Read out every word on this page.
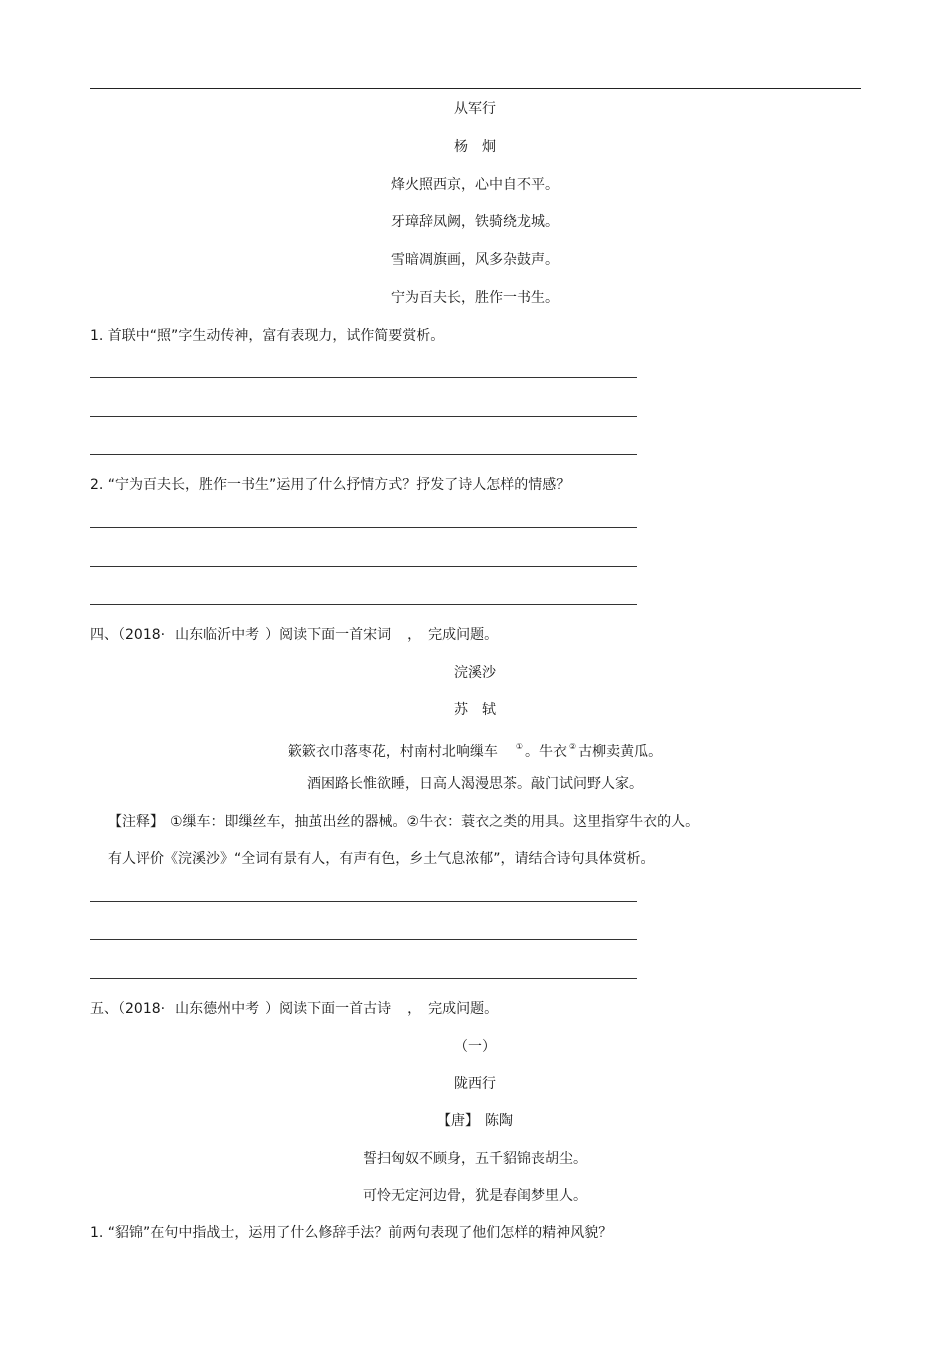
从军行
杨　炯
烽火照西京，心中自不平。
牙璋辞凤阙，铁骑绕龙城。
雪暗凋旗画，风多杂鼓声。
宁为百夫长，胜作一书生。
1. 首联中“照”字生动传神，富有表现力，试作简要赏析。
2. “宁为百夫长，胜作一书生”运用了什么抒情方式？抒发了诗人怎样的情感？
四、（2018· 山东临沂中考 ）阅读下面一首宋词 ，　完成问题。
浣溪沙
苏　轼
簌簌衣巾落枣花，村南村北响缫车 ① 。牛衣 ② 古柳卖黄瓜。
酒困路长惟欲睡，日高人渴漫思茶。敲门试问野人家。
【注释】 ①缫车：即缫丝车，抽茧出丝的器械。②牛衣：蓑衣之类的用具。这里指穿牛衣的人。
有人评价《浣溪沙》“全词有景有人，有声有色，乡土气息浓郁”，请结合诗句具体赏析。
五、（2018· 山东德州中考 ）阅读下面一首古诗 ，　完成问题。
（一）
陇西行
【唐】 陈陶
誓扫匈奴不顾身，五千貂锦丧胡尘。
可怜无定河边骨，犹是春闺梦里人。
1. “貂锦”在句中指战士，运用了什么修辞手法？前两句表现了他们怎样的精神风貌？
